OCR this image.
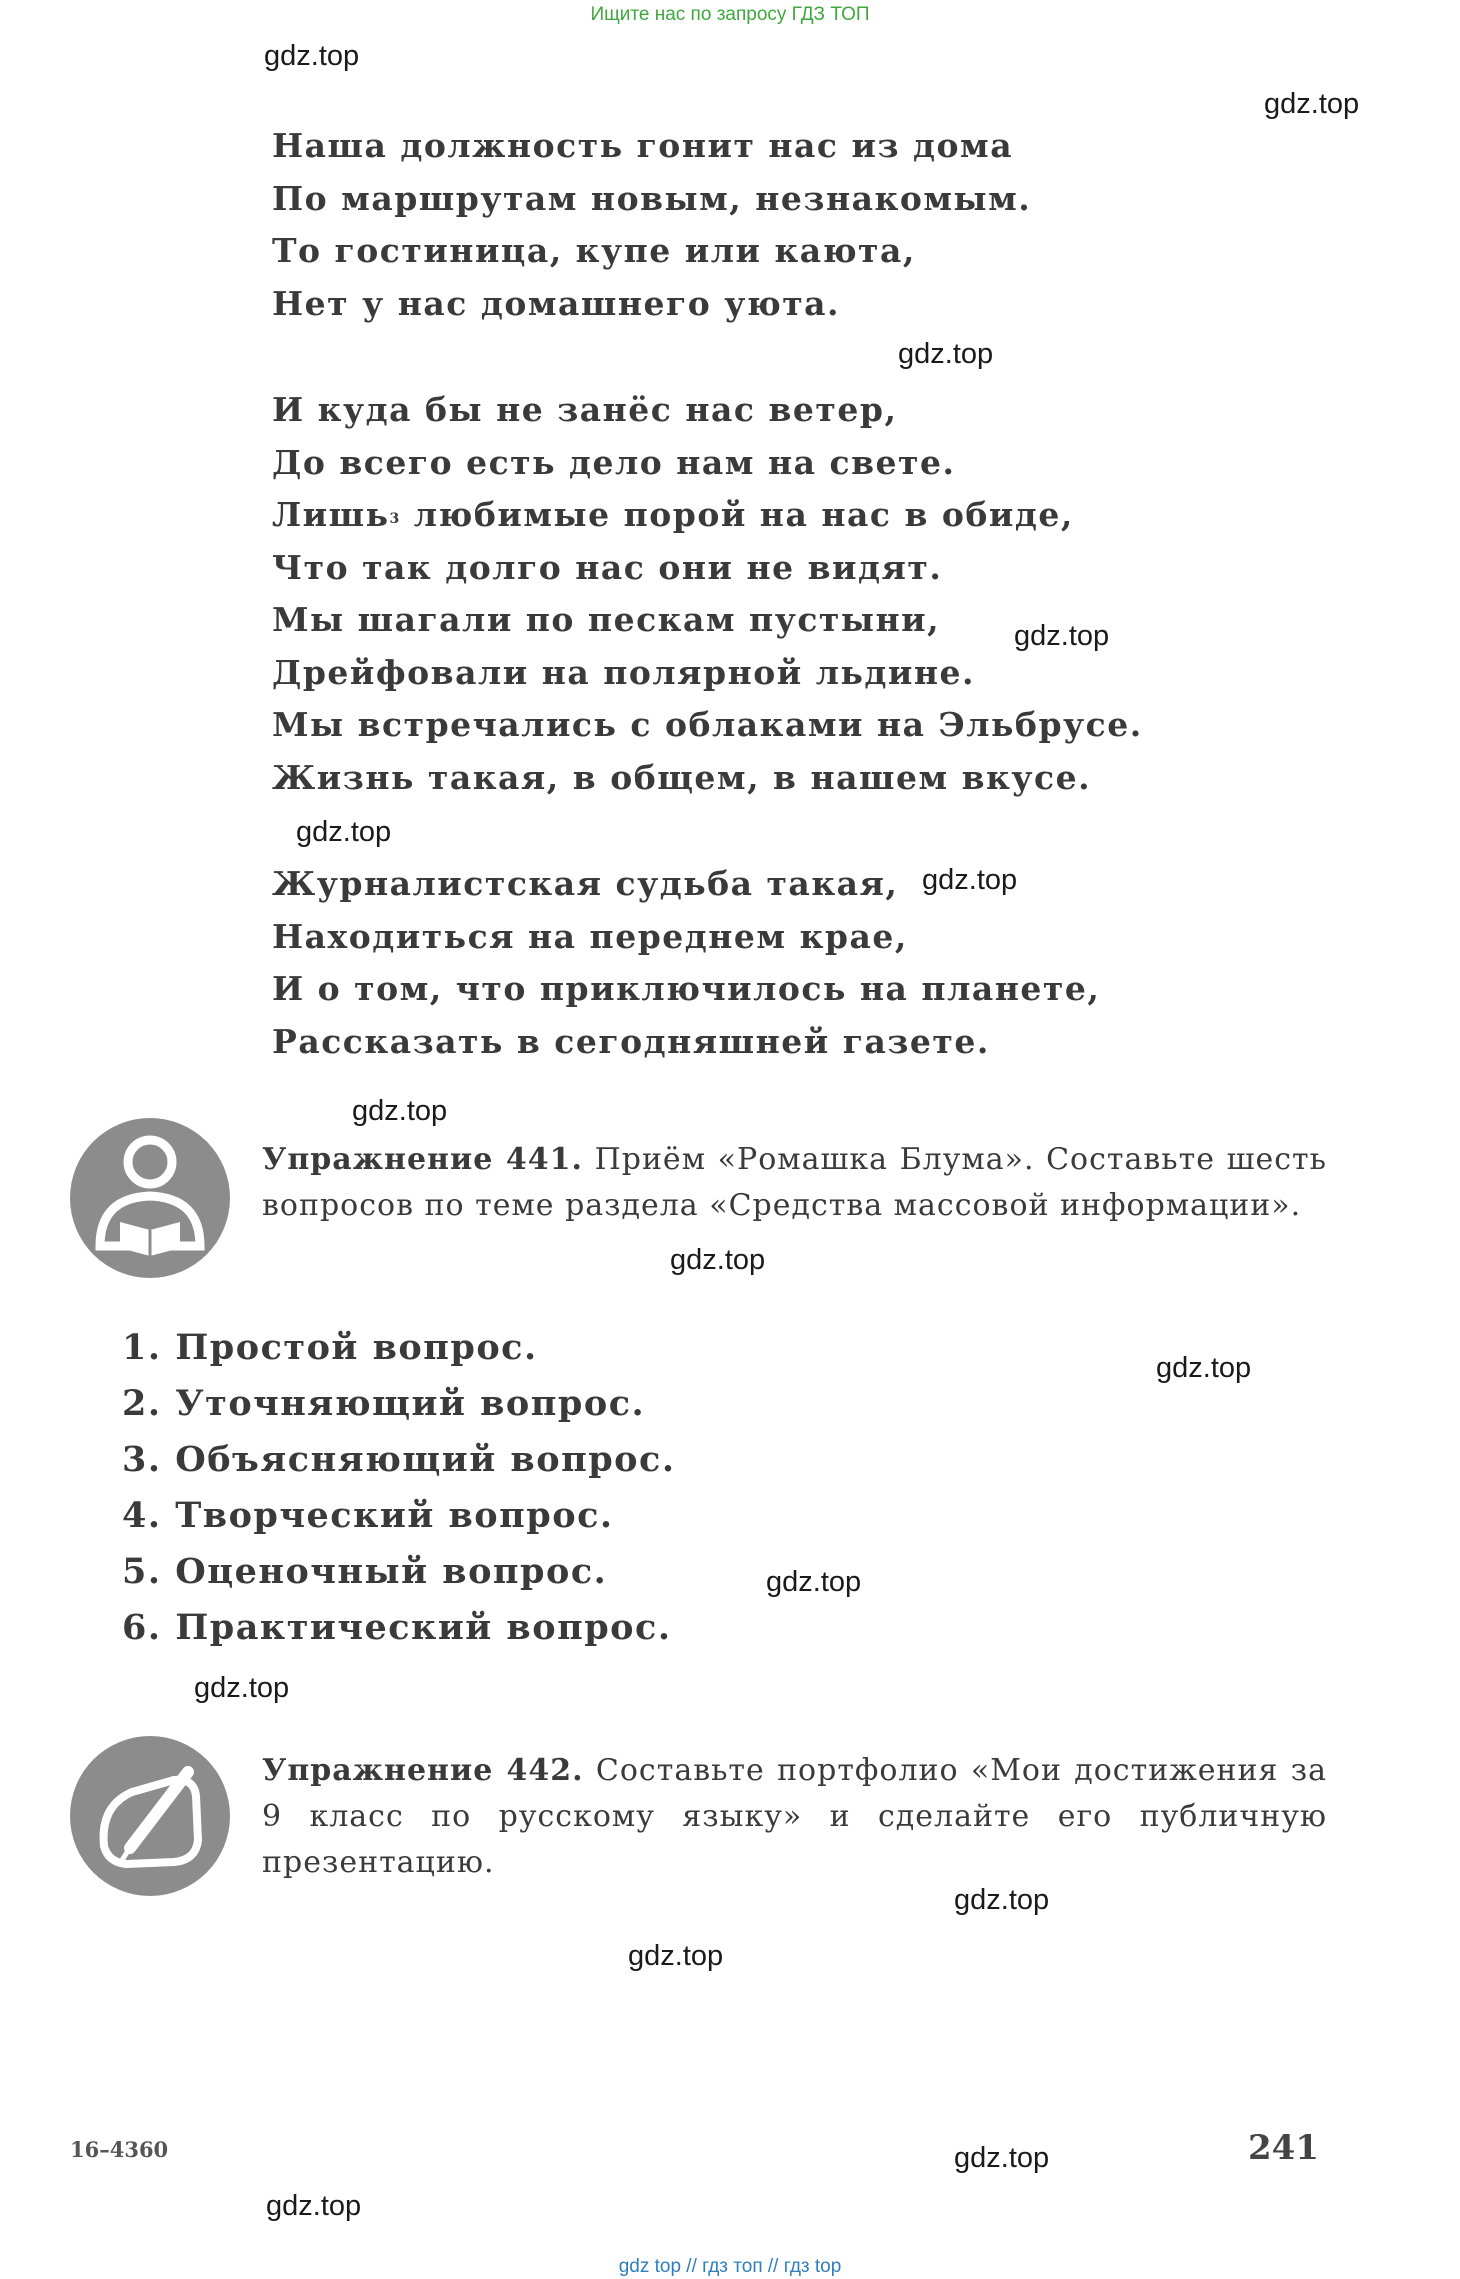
Ищите нас по запросу ГДЗ ТОП
gdz.top
gdz.top
gdz.top
gdz.top
gdz.top
gdz.top
gdz.top
gdz.top
gdz.top
gdz.top
gdz.top
gdz.top
gdz.top
gdz.top
gdz.top
Наша должность гонит нас из дома
По маршрутам новым, незнакомым.
То гостиница, купе или каюта,
Нет у нас домашнего уюта.
И куда бы не занёс нас ветер,
До всего есть дело нам на свете.
Лишь$^3$ любимые порой на нас в обиде,
Что так долго нас они не видят.
Мы шагали по пескам пустыни,
Дрейфовали на полярной льдине.
Мы встречались с облаками на Эльбрусе.
Жизнь такая, в общем, в нашем вкусе.
Журналистская судьба такая,
Находиться на переднем крае,
И о том, что приключилось на планете,
Рассказать в сегодняшней газете.
Упражнение 441. Приём «Ромашка Блума». Составьте шесть вопросов по теме раздела «Средства массовой информации».
1. Простой вопрос.
2. Уточняющий вопрос.
3. Объясняющий вопрос.
4. Творческий вопрос.
5. Оценочный вопрос.
6. Практический вопрос.
Упражнение 442. Составьте портфолио «Мои достижения за 9 класс по русскому языку» и сделайте его публичную презентацию.
16–4360	241
gdz top // гдз топ // гдз top
